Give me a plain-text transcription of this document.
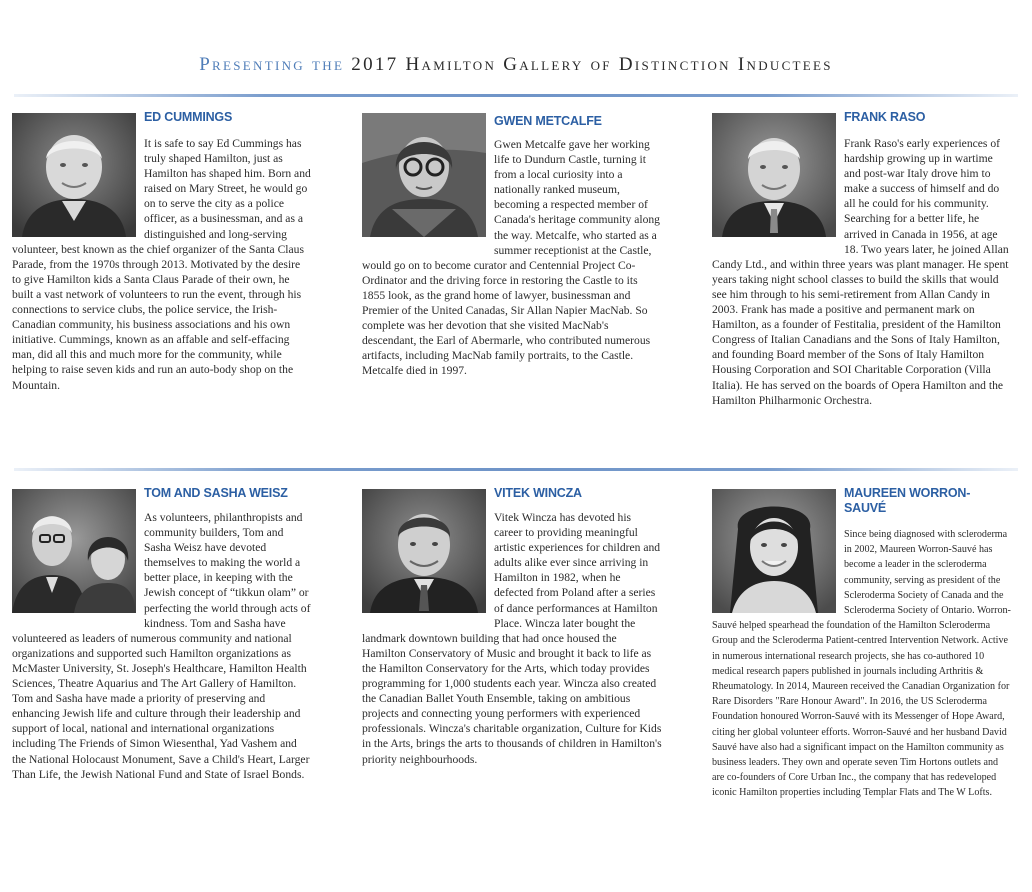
Presenting the 2017 Hamilton Gallery of Distinction Inductees
ED CUMMINGS
It is safe to say Ed Cummings has truly shaped Hamilton, just as Hamilton has shaped him. Born and raised on Mary Street, he would go on to serve the city as a police officer, as a businessman, and as a distinguished and long-serving volunteer, best known as the chief organizer of the Santa Claus Parade, from the 1970s through 2013. Motivated by the desire to give Hamilton kids a Santa Claus Parade of their own, he built a vast network of volunteers to run the event, through his connections to service clubs, the police service, the Irish-Canadian community, his business associations and his own initiative. Cummings, known as an affable and self-effacing man, did all this and much more for the community, while helping to raise seven kids and run an auto-body shop on the Mountain.
GWEN METCALFE
Gwen Metcalfe gave her working life to Dundurn Castle, turning it from a local curiosity into a nationally ranked museum, becoming a respected member of Canada's heritage community along the way. Metcalfe, who started as a summer receptionist at the Castle, would go on to become curator and Centennial Project Co-Ordinator and the driving force in restoring the Castle to its 1855 look, as the grand home of lawyer, businessman and Premier of the United Canadas, Sir Allan Napier MacNab. So complete was her devotion that she visited MacNab's descendant, the Earl of Abermarle, who contributed numerous artifacts, including MacNab family portraits, to the Castle. Metcalfe died in 1997.
FRANK RASO
Frank Raso's early experiences of hardship growing up in wartime and post-war Italy drove him to make a success of himself and do all he could for his community. Searching for a better life, he arrived in Canada in 1956, at age 18. Two years later, he joined Allan Candy Ltd., and within three years was plant manager. He spent years taking night school classes to build the skills that would see him through to his semi-retirement from Allan Candy in 2003. Frank has made a positive and permanent mark on Hamilton, as a founder of Festitalia, president of the Hamilton Congress of Italian Canadians and the Sons of Italy Hamilton, and founding Board member of the Sons of Italy Hamilton Housing Corporation and SOI Charitable Corporation (Villa Italia). He has served on the boards of Opera Hamilton and the Hamilton Philharmonic Orchestra.
TOM AND SASHA WEISZ
As volunteers, philanthropists and community builders, Tom and Sasha Weisz have devoted themselves to making the world a better place, in keeping with the Jewish concept of “tikkun olam” or perfecting the world through acts of kindness. Tom and Sasha have volunteered as leaders of numerous community and national organizations and supported such Hamilton organizations as McMaster University, St. Joseph's Healthcare, Hamilton Health Sciences, Theatre Aquarius and The Art Gallery of Hamilton. Tom and Sasha have made a priority of preserving and enhancing Jewish life and culture through their leadership and support of local, national and international organizations including The Friends of Simon Wiesenthal, Yad Vashem and the National Holocaust Monument, Save a Child's Heart, Larger Than Life, the Jewish National Fund and State of Israel Bonds.
VITEK WINCZA
Vitek Wincza has devoted his career to providing meaningful artistic experiences for children and adults alike ever since arriving in Hamilton in 1982, when he defected from Poland after a series of dance performances at Hamilton Place. Wincza later bought the landmark downtown building that had once housed the Hamilton Conservatory of Music and brought it back to life as the Hamilton Conservatory for the Arts, which today provides programming for 1,000 students each year. Wincza also created the Canadian Ballet Youth Ensemble, taking on ambitious projects and connecting young performers with experienced professionals. Wincza's charitable organization, Culture for Kids in the Arts, brings the arts to thousands of children in Hamilton's priority neighbourhoods.
MAUREEN WORRON-SAUVÉ
Since being diagnosed with scleroderma in 2002, Maureen Worron-Sauvé has become a leader in the scleroderma community, serving as president of the Scleroderma Society of Canada and the Scleroderma Society of Ontario. Worron-Sauvé helped spearhead the foundation of the Hamilton Scleroderma Group and the Scleroderma Patient-centred Intervention Network. Active in numerous international research projects, she has co-authored 10 medical research papers published in journals including Arthritis & Rheumatology. In 2014, Maureen received the Canadian Organization for Rare Disorders "Rare Honour Award". In 2016, the US Scleroderma Foundation honoured Worron-Sauvé with its Messenger of Hope Award, citing her global volunteer efforts. Worron-Sauvé and her husband David Sauvé have also had a significant impact on the Hamilton community as business leaders. They own and operate seven Tim Hortons outlets and are co-founders of Core Urban Inc., the company that has redeveloped iconic Hamilton properties including Templar Flats and The W Lofts.
